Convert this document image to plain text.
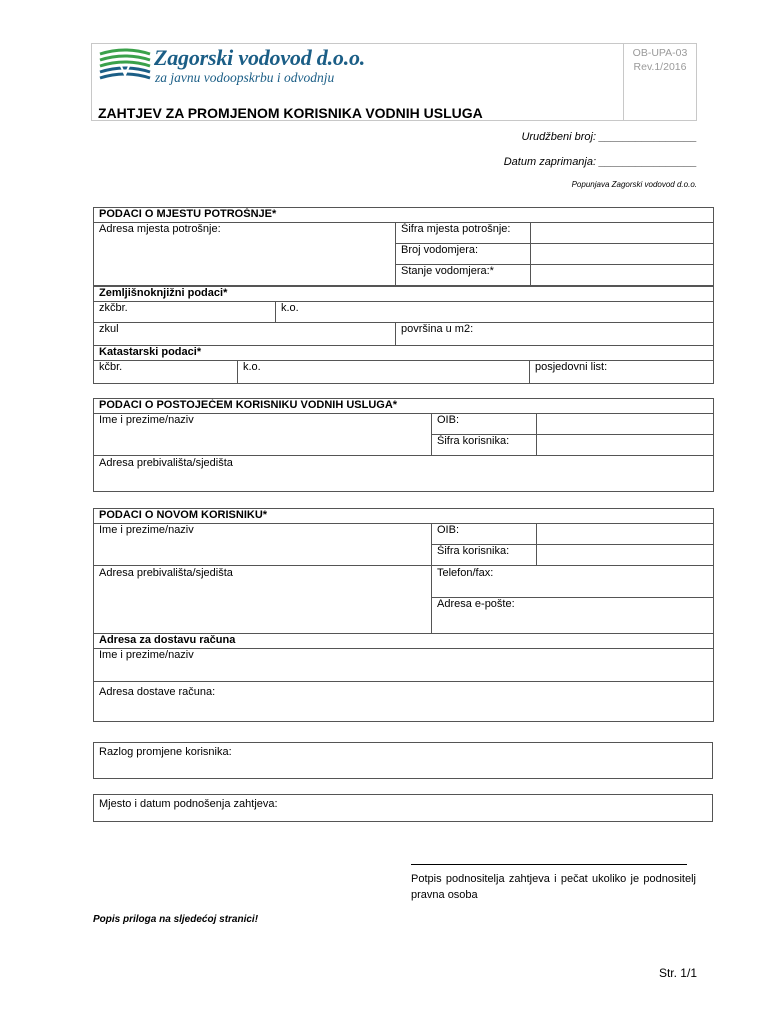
Zagorski vodovod d.o.o.
za javnu vodoopskrbu i odvodnju
OB-UPA-03
Rev.1/2016
ZAHTJEV ZA PROMJENOM KORISNIKA VODNIH USLUGA
Urudžbeni broj: ________________
Datum zaprimanja: ________________
Popunjava Zagorski vodovod d.o.o.
PODACI O MJESTU POTROŠNJE*		
Adresa mjesta potrošnje:	Šifra mjesta potrošnje:	
	Broj vodomjera:	
	Stanje vodomjera:*	
Zemljišnoknjižni podaci*		
zkčbr.	k.o.	
zkul		površina u m2:
Katastarski podaci*
kčbr.	k.o.	posjedovni list:
PODACI O POSTOJEĆEM KORISNIKU VODNIH USLUGA*		
Ime i prezime/naziv	OIB:	
	Šifra korisnika:	
Adresa prebivališta/sjedišta		
PODACI O NOVOM KORISNIKU*		
Ime i prezime/naziv	OIB:	
	Šifra korisnika:	
Adresa prebivališta/sjedišta	Telefon/fax:	
	Adresa e-pošte:	
Adresa za dostavu računa		
Ime i prezime/naziv		
Adresa dostave računa:		
Razlog promjene korisnika:
Mjesto i datum podnošenja zahtjeva:
Potpis podnositelja zahtjeva i pečat ukoliko je podnositelj pravna osoba
Popis priloga na sljedećoj stranici!
Str. 1/1
